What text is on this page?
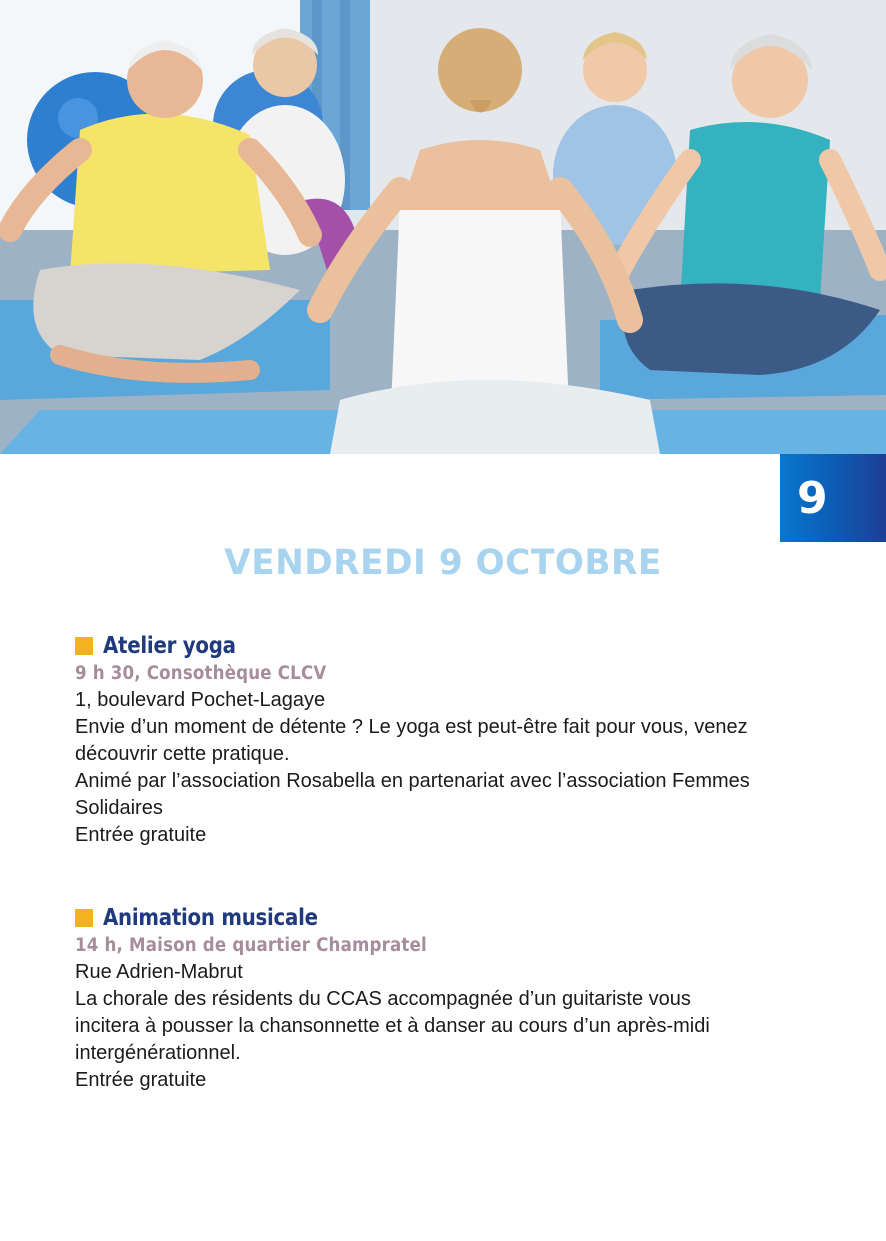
9
VENDREDI 9 OCTOBRE
Atelier yoga
9 h 30, Consothèque CLCV

1, boulevard Pochet-Lagaye

Envie d’un moment de détente ? Le yoga est peut-être fait pour vous, venez

découvrir cette pratique.

Animé par l’association Rosabella en partenariat avec l’association Femmes

Solidaires

Entrée gratuite

Animation musicale
14 h, Maison de quartier Champratel

Rue Adrien-Mabrut

La chorale des résidents du CCAS accompagnée d’un guitariste vous

incitera à pousser la chansonnette et à danser au cours d’un après-midi

intergénérationnel.

Entrée gratuite
